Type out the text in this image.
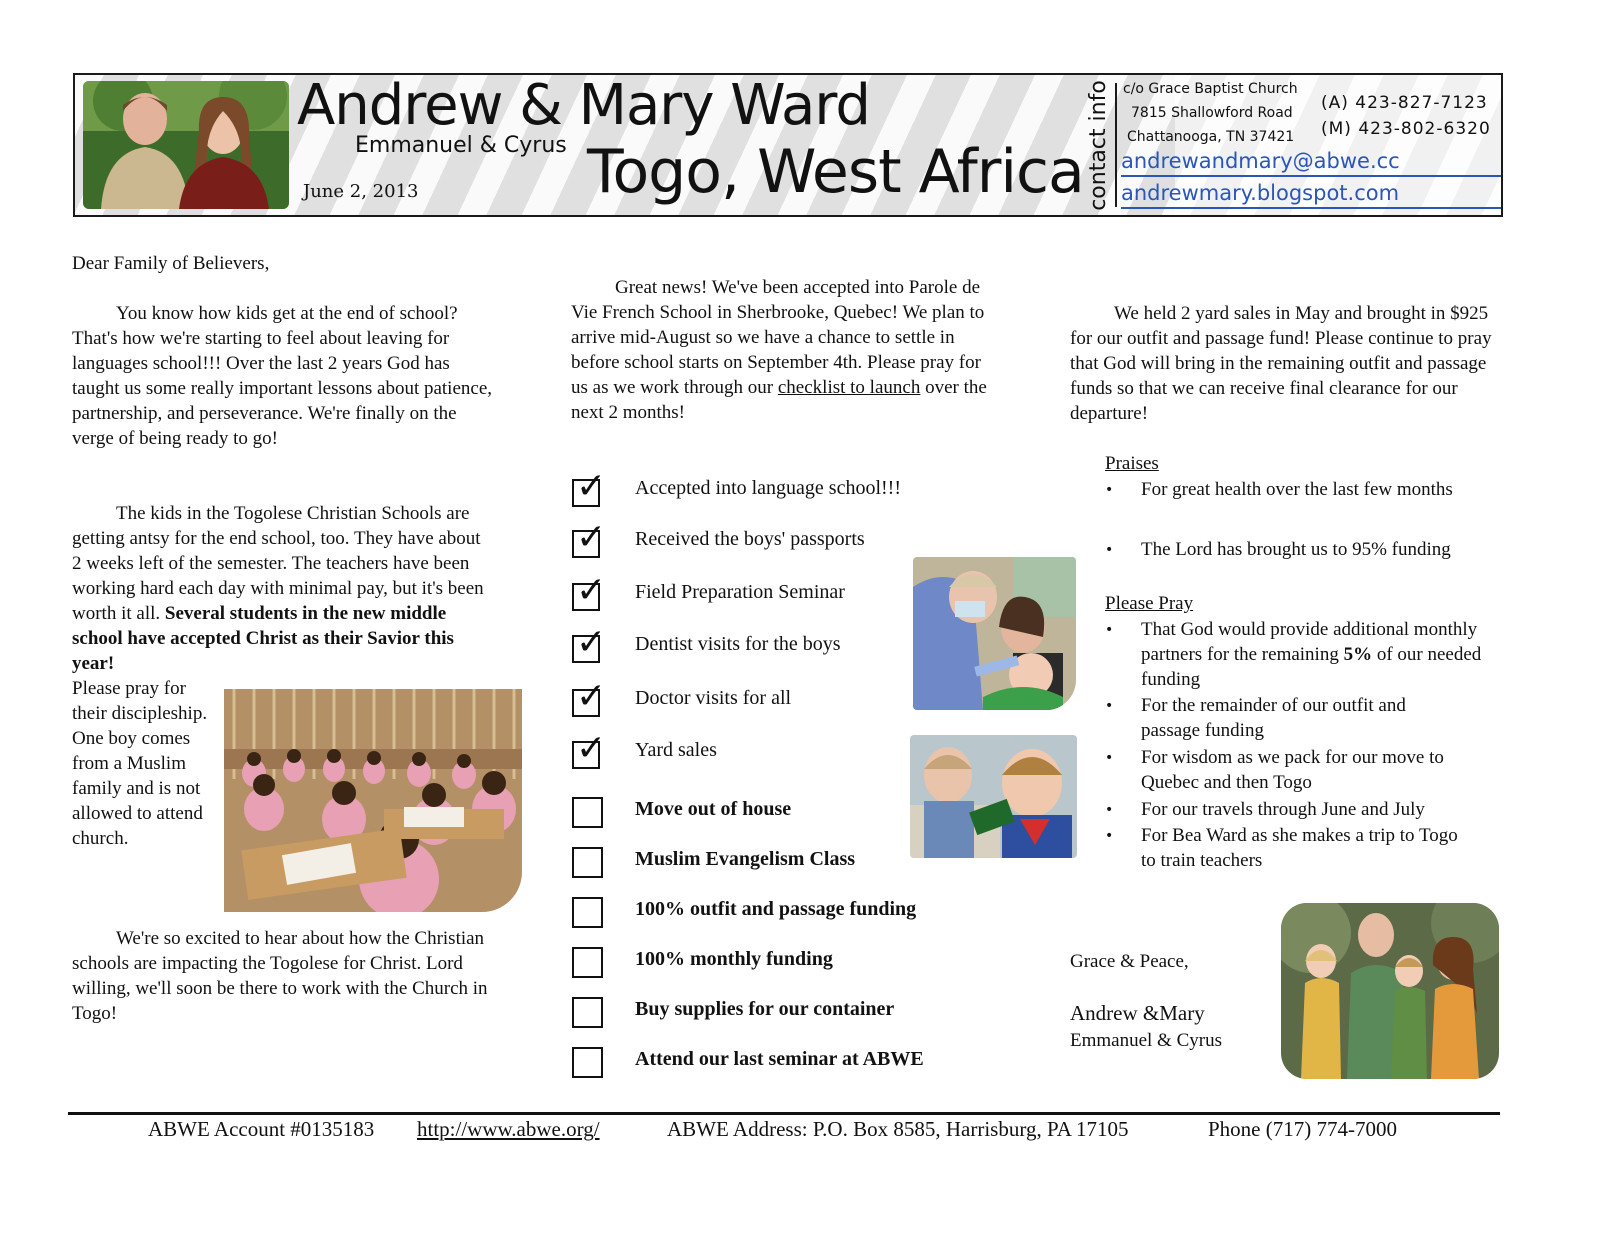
Andrew & Mary Ward
Emmanuel & Cyrus
June 2, 2013	Togo, West Africa contact info c/o Grace Baptist Church
7815 Shallowford Road
Chattanooga, TN 37421
(A) 423-827-7123
(M) 423-802-6320
andrewandmary@abwe.cc
andrewmary.blogspot.com
Dear Family of Believers,
You know how kids get at the end of school? That's how we're starting to feel about leaving for languages school!!! Over the last 2 years God has taught us some really important lessons about patience, partnership, and perseverance. We're finally on the verge of being ready to go!
The kids in the Togolese Christian Schools are getting antsy for the end school, too. They have about 2 weeks left of the semester. The teachers have been working hard each day with minimal pay, but it's been worth it all. Several students in the new middle school have accepted Christ as their Savior this year!
Please pray for their discipleship. One boy comes from a Muslim family and is not allowed to attend church.
We're so excited to hear about how the Christian schools are impacting the Togolese for Christ. Lord willing, we'll soon be there to work with the Church in Togo!
Great news! We've been accepted into Parole de Vie French School in Sherbrooke, Quebec! We plan to arrive mid-August so we have a chance to settle in before school starts on September 4th. Please pray for us as we work through our checklist to launch over the next 2 months!
✓ Accepted into language school!!!
✓ Received the boys' passports
✓ Field Preparation Seminar
✓ Dentist visits for the boys
✓ Doctor visits for all
✓ Yard sales
Move out of house
Muslim Evangelism Class
100% outfit and passage funding
100% monthly funding
Buy supplies for our container
Attend our last seminar at ABWE
We held 2 yard sales in May and brought in $925 for our outfit and passage fund! Please continue to pray that God will bring in the remaining outfit and passage funds so that we can receive final clearance for our departure!
Praises
• For great health over the last few months
• The Lord has brought us to 95% funding
Please Pray
• That God would provide additional monthly partners for the remaining 5% of our needed funding
• For the remainder of our outfit and passage funding
• For wisdom as we pack for our move to Quebec and then Togo
• For our travels through June and July
• For Bea Ward as she makes a trip to Togo to train teachers
Grace & Peace,
Andrew &Mary
Emmanuel & Cyrus
ABWE Account #0135183 http://www.abwe.org/	ABWE Address: P.O. Box 8585, Harrisburg, PA 17105	Phone (717) 774-7000
